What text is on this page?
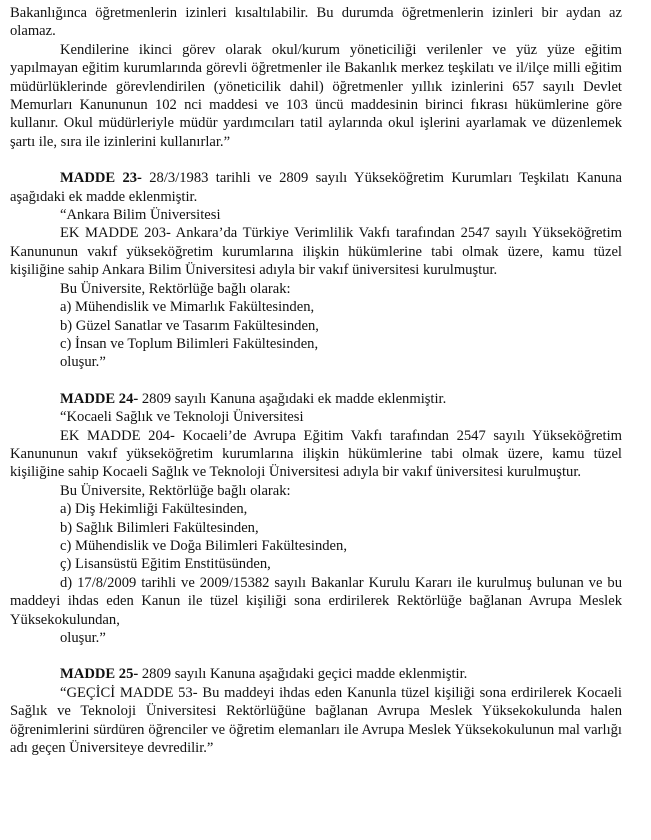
Bakanlığınca öğretmenlerin izinleri kısaltılabilir. Bu durumda öğretmenlerin izinleri bir aydan az olamaz.

Kendilerine ikinci görev olarak okul/kurum yöneticiliği verilenler ve yüz yüze eğitim yapılmayan eğitim kurumlarında görevli öğretmenler ile Bakanlık merkez teşkilatı ve il/ilçe milli eğitim müdürlüklerinde görevlendirilen (yöneticilik dahil) öğretmenler yıllık izinlerini 657 sayılı Devlet Memurları Kanununun 102 nci maddesi ve 103 üncü maddesinin birinci fıkrası hükümlerine göre kullanır. Okul müdürleriyle müdür yardımcıları tatil aylarında okul işlerini ayarlamak ve düzenlemek şartı ile, sıra ile izinlerini kullanırlar.”

MADDE 23- 28/3/1983 tarihli ve 2809 sayılı Yükseköğretim Kurumları Teşkilatı Kanuna aşağıdaki ek madde eklenmiştir.

“Ankara Bilim Üniversitesi

EK MADDE 203- Ankara’da Türkiye Verimlilik Vakfı tarafından 2547 sayılı Yükseköğretim Kanununun vakıf yükseköğretim kurumlarına ilişkin hükümlerine tabi olmak üzere, kamu tüzel kişiliğine sahip Ankara Bilim Üniversitesi adıyla bir vakıf üniversitesi kurulmuştur.

Bu Üniversite, Rektörlüğe bağlı olarak:

a) Mühendislik ve Mimarlık Fakültesinden,

b) Güzel Sanatlar ve Tasarım Fakültesinden,

c) İnsan ve Toplum Bilimleri Fakültesinden,

oluşur.”

MADDE 24- 2809 sayılı Kanuna aşağıdaki ek madde eklenmiştir.

“Kocaeli Sağlık ve Teknoloji Üniversitesi

EK MADDE 204- Kocaeli’de Avrupa Eğitim Vakfı tarafından 2547 sayılı Yükseköğretim Kanununun vakıf yükseköğretim kurumlarına ilişkin hükümlerine tabi olmak üzere, kamu tüzel kişiliğine sahip Kocaeli Sağlık ve Teknoloji Üniversitesi adıyla bir vakıf üniversitesi kurulmuştur.

Bu Üniversite, Rektörlüğe bağlı olarak:

a) Diş Hekimliği Fakültesinden,

b) Sağlık Bilimleri Fakültesinden,

c) Mühendislik ve Doğa Bilimleri Fakültesinden,

ç) Lisansüstü Eğitim Enstitüsünden,

d) 17/8/2009 tarihli ve 2009/15382 sayılı Bakanlar Kurulu Kararı ile kurulmuş bulunan ve bu maddeyi ihdas eden Kanun ile tüzel kişiliği sona erdirilerek Rektörlüğe bağlanan Avrupa Meslek Yüksekokulundan,

oluşur.”

MADDE 25- 2809 sayılı Kanuna aşağıdaki geçici madde eklenmiştir.

“GEÇİCİ MADDE 53- Bu maddeyi ihdas eden Kanunla tüzel kişiliği sona erdirilerek Kocaeli Sağlık ve Teknoloji Üniversitesi Rektörlüğüne bağlanan Avrupa Meslek Yüksekokulunda halen öğrenimlerini sürdüren öğrenciler ve öğretim elemanları ile Avrupa Meslek Yüksekokulunun mal varlığı adı geçen Üniversiteye devredilir.”
